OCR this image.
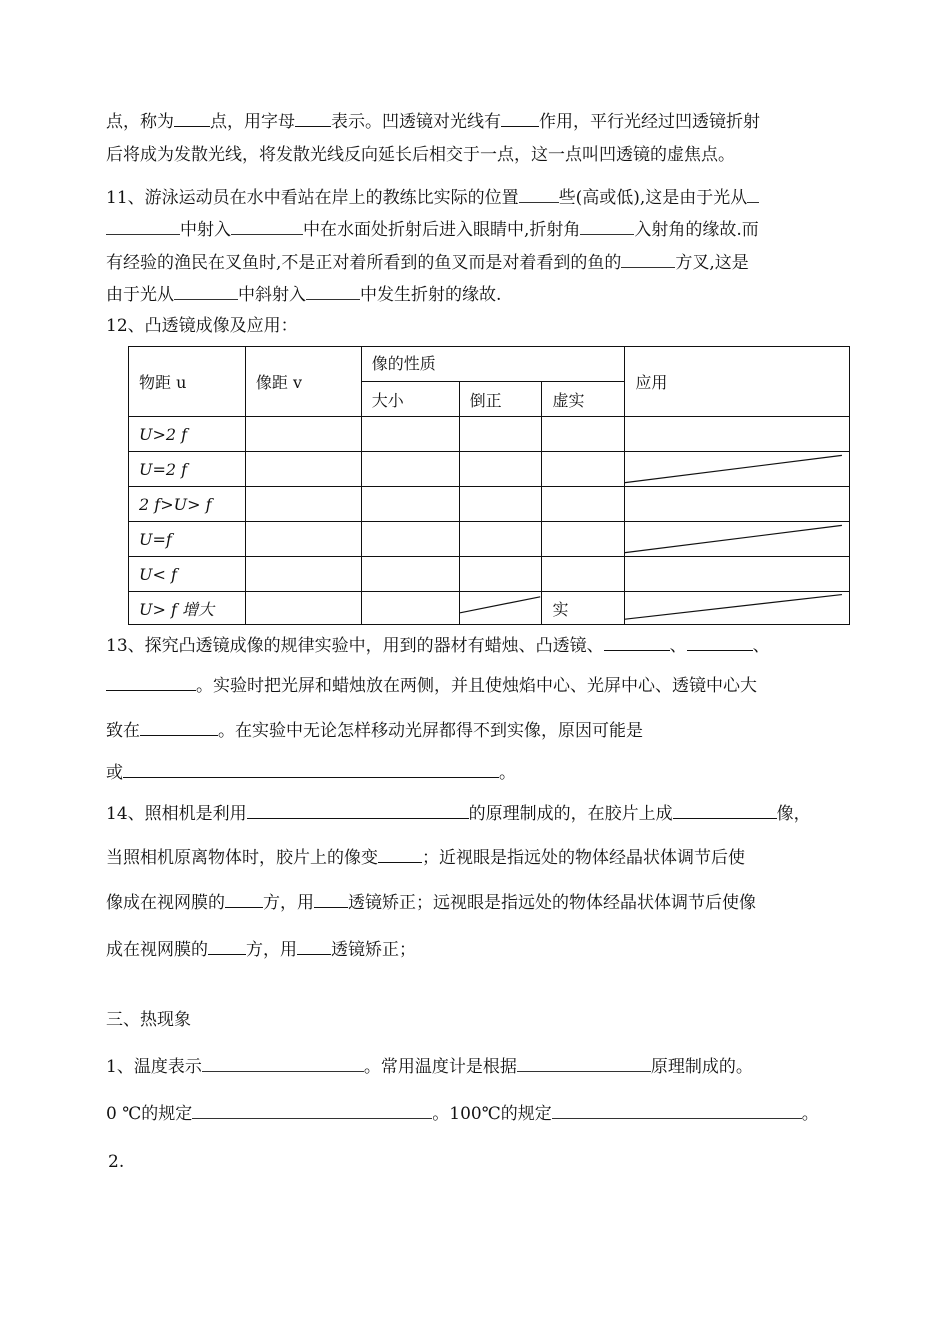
点，称为 点，用字母 表示。凹透镜对光线有 作用，平行光经过凹透镜折射
后将成为发散光线，将发散光线反向延长后相交于一点，这一点叫凹透镜的虚焦点。
11、游泳运动员在水中看站在岸上的教练比实际的位置 些(高或低),这是由于光从
中射入	中在水面处折射后进入眼睛中,折射角	入射角的缘故.而
有经验的渔民在叉鱼时,不是正对着所看到的鱼叉而是对着看到的鱼的	方叉,这是
由于光从	中斜射入	中发生折射的缘故.
12、凸透镜成像及应用：
物距 u	像距 v	像的性质			应用
		大小	倒正	虚实	
U>2 f					
U=2 f					

2 f>U> f					
U=f					

U< f					
U> f 增大				实	
13、探究凸透镜成像的规律实验中，用到的器材有蜡烛、凸透镜、	、	、
。实验时把光屏和蜡烛放在两侧，并且使烛焰中心、光屏中心、透镜中心大
致在	。在实验中无论怎样移动光屏都得不到实像，原因可能是
或	。
14、照相机是利用	的原理制成的，在胶片上成	像，
当照相机原离物体时，胶片上的像变	；近视眼是指远处的物体经晶状体调节后使
像成在视网膜的 方，用 透镜矫正；远视眼是指远处的物体经晶状体调节后使像
成在视网膜的 方，用 透镜矫正；
三、热现象
1、温度表示	。常用温度计是根据	原理制成的。
0 ℃的规定	。100℃的规定	。
2.
